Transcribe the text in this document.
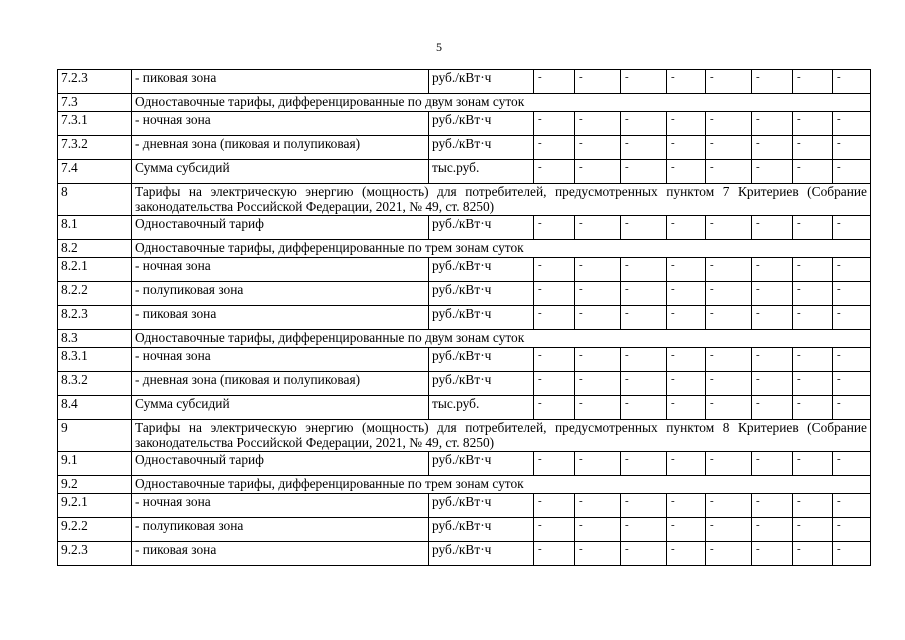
5
7.2.3	- пиковая зона	руб./кВт·ч	-	-	-	-	-	-	-	-
7.3	Одноставочные тарифы, дифференцированные по двум зонам суток									
7.3.1	- ночная зона	руб./кВт·ч	-	-	-	-	-	-	-	-
7.3.2	- дневная зона (пиковая и полупиковая)	руб./кВт·ч	-	-	-	-	-	-	-	-
7.4	Сумма субсидий	тыс.руб.	-	-	-	-	-	-	-	-
8	Тарифы на электрическую энергию (мощность) для потребителей, предусмотренных пунктом 7 Критериев (Собрание законодательства Российской Федерации, 2021, № 49, ст. 8250)									
8.1	Одноставочный тариф	руб./кВт·ч	-	-	-	-	-	-	-	-
8.2	Одноставочные тарифы, дифференцированные по трем зонам суток									
8.2.1	- ночная зона	руб./кВт·ч	-	-	-	-	-	-	-	-
8.2.2	- полупиковая зона	руб./кВт·ч	-	-	-	-	-	-	-	-
8.2.3	- пиковая зона	руб./кВт·ч	-	-	-	-	-	-	-	-
8.3	Одноставочные тарифы, дифференцированные по двум зонам суток									
8.3.1	- ночная зона	руб./кВт·ч	-	-	-	-	-	-	-	-
8.3.2	- дневная зона (пиковая и полупиковая)	руб./кВт·ч	-	-	-	-	-	-	-	-
8.4	Сумма субсидий	тыс.руб.	-	-	-	-	-	-	-	-
9	Тарифы на электрическую энергию (мощность) для потребителей, предусмотренных пунктом 8 Критериев (Собрание законодательства Российской Федерации, 2021, № 49, ст. 8250)									
9.1	Одноставочный тариф	руб./кВт·ч	-	-	-	-	-	-	-	-
9.2	Одноставочные тарифы, дифференцированные по трем зонам суток									
9.2.1	- ночная зона	руб./кВт·ч	-	-	-	-	-	-	-	-
9.2.2	- полупиковая зона	руб./кВт·ч	-	-	-	-	-	-	-	-
9.2.3	- пиковая зона	руб./кВт·ч	-	-	-	-	-	-	-	-
